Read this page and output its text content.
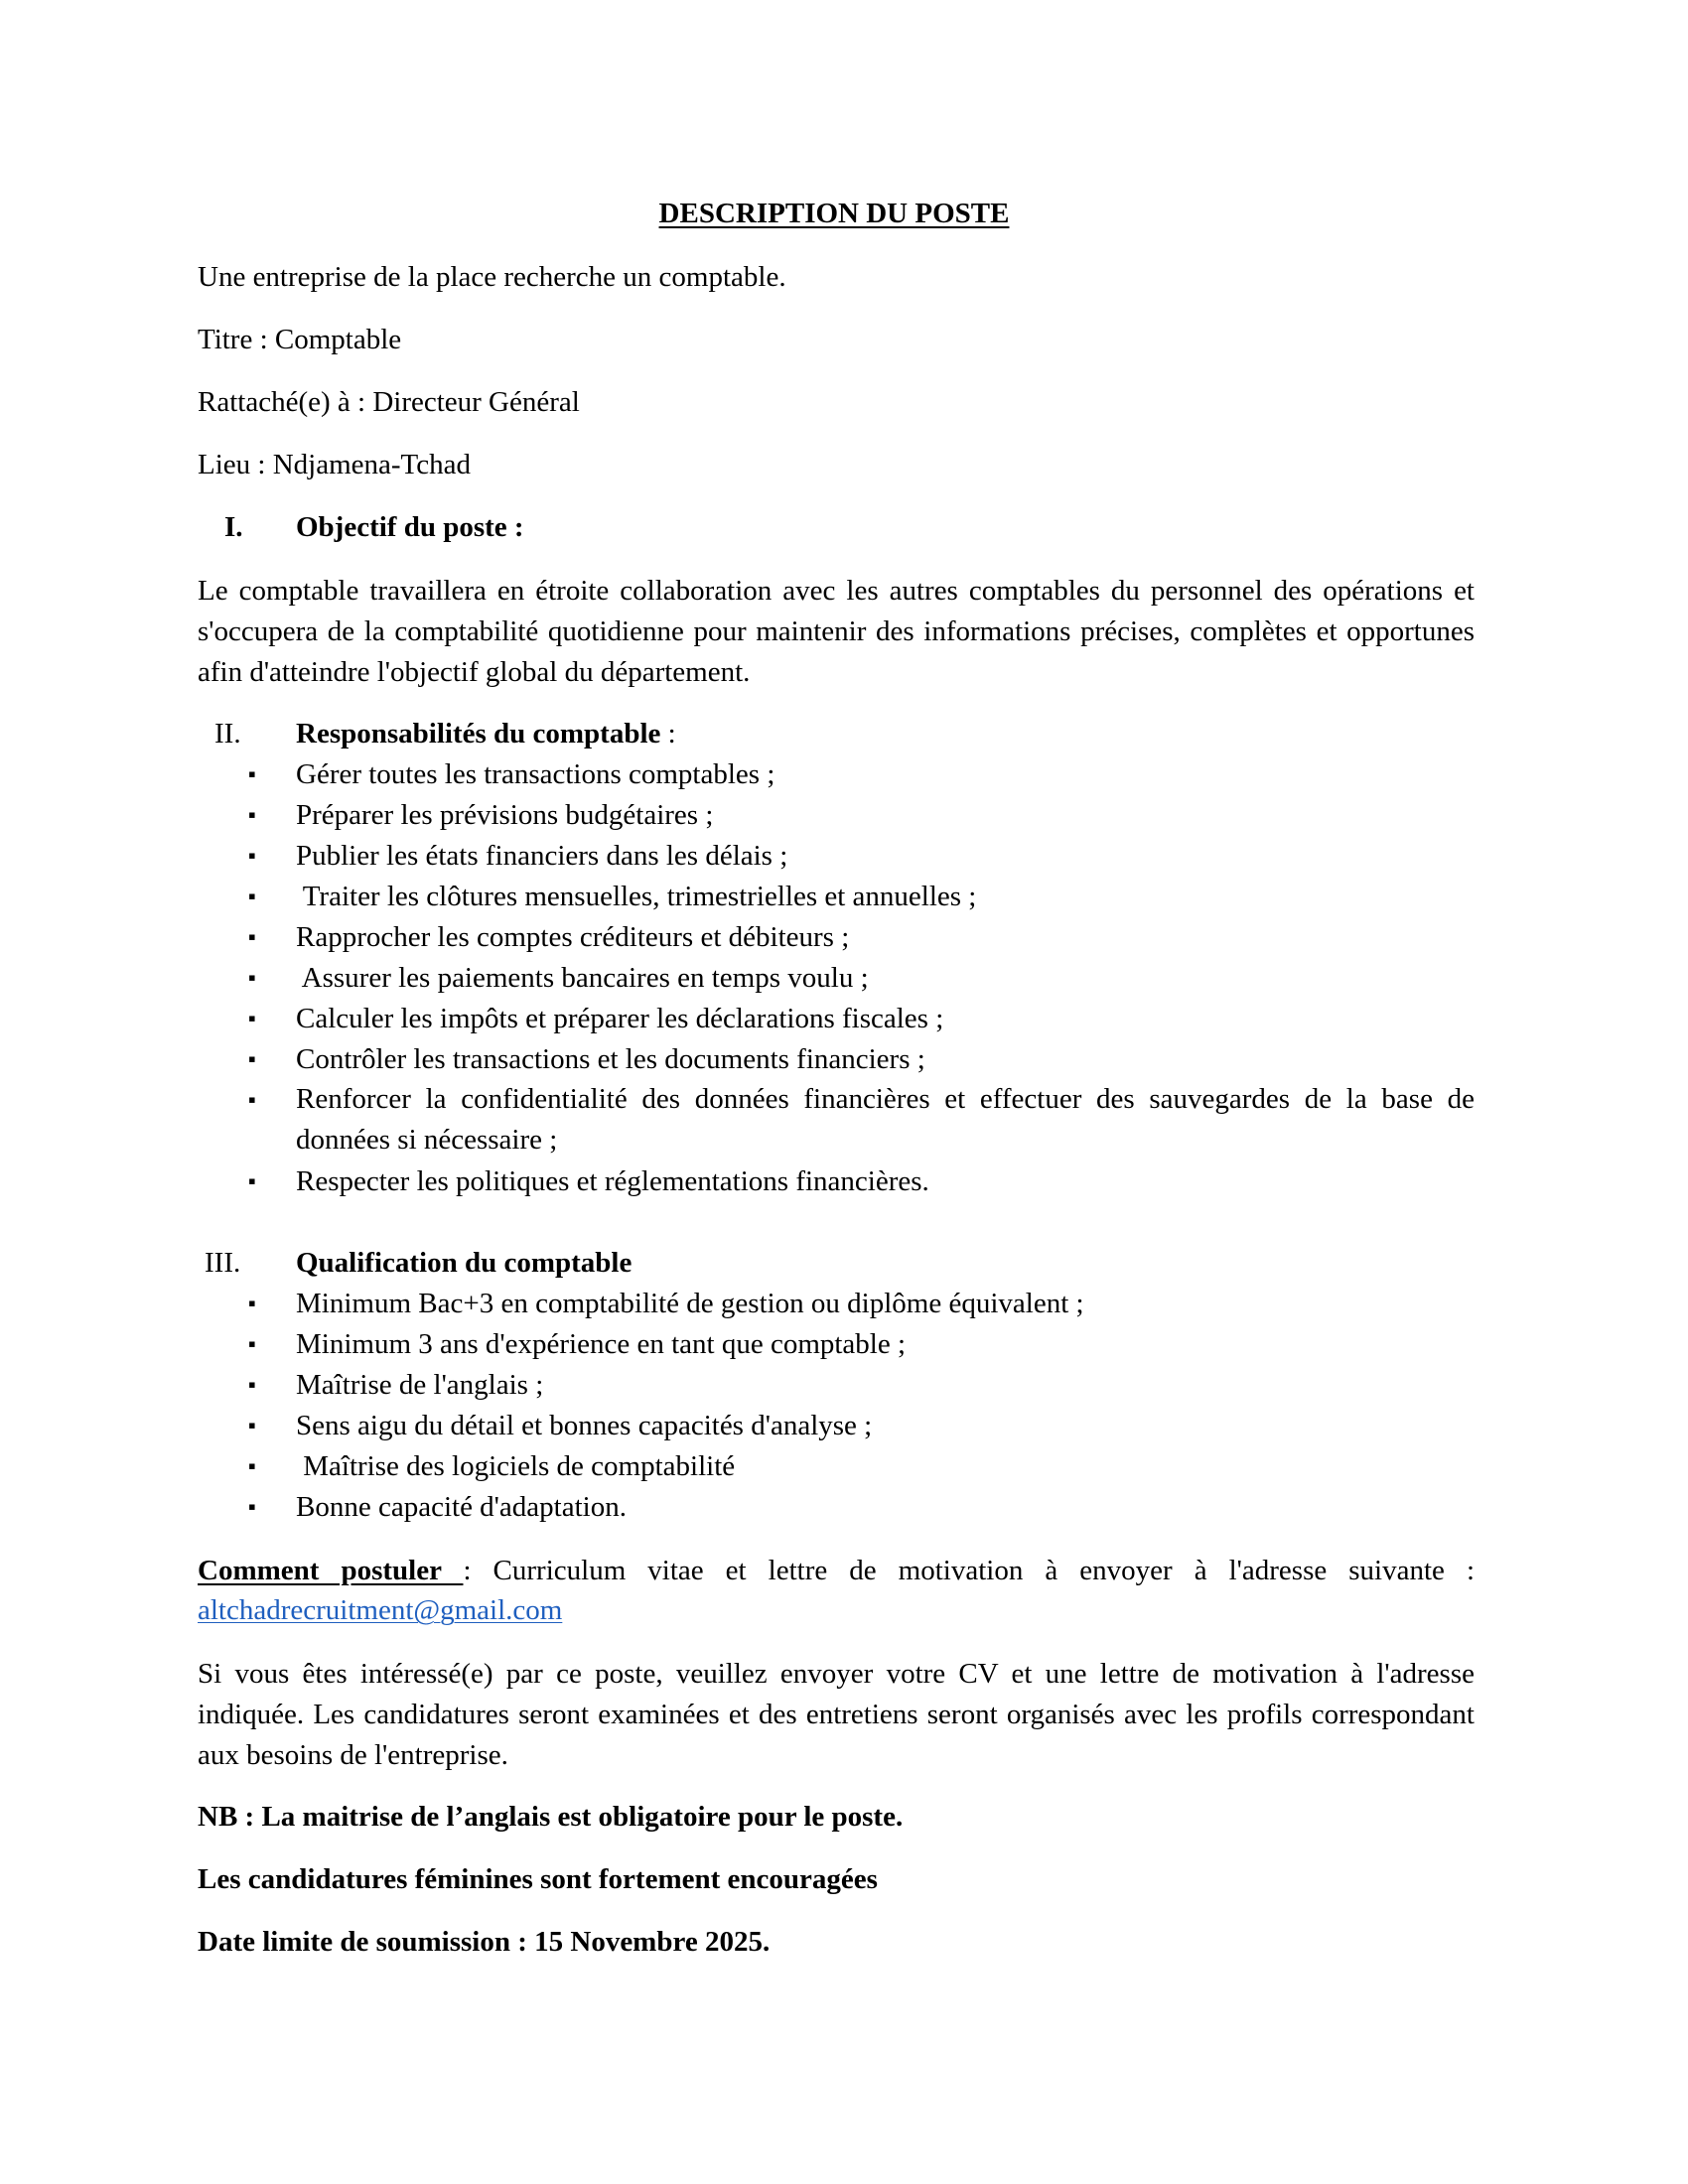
DESCRIPTION DU POSTE
Une entreprise de la place recherche un comptable.
Titre : Comptable
Rattaché(e) à : Directeur Général
Lieu : Ndjamena-Tchad
I. Objectif du poste :
Le comptable travaillera en étroite collaboration avec les autres comptables du personnel des opérations et s'occupera de la comptabilité quotidienne pour maintenir des informations précises, complètes et opportunes afin d'atteindre l'objectif global du département.
II. Responsabilités du comptable :
▪ Gérer toutes les transactions comptables ;
▪ Préparer les prévisions budgétaires ;
▪ Publier les états financiers dans les délais ;
▪ Traiter les clôtures mensuelles, trimestrielles et annuelles ;
▪ Rapprocher les comptes créditeurs et débiteurs ;
▪ Assurer les paiements bancaires en temps voulu ;
▪ Calculer les impôts et préparer les déclarations fiscales ;
▪ Contrôler les transactions et les documents financiers ;
▪ Renforcer la confidentialité des données financières et effectuer des sauvegardes de la base de données si nécessaire ;
▪ Respecter les politiques et réglementations financières.
III. Qualification du comptable
▪ Minimum Bac+3 en comptabilité de gestion ou diplôme équivalent ;
▪ Minimum 3 ans d'expérience en tant que comptable ;
▪ Maîtrise de l'anglais ;
▪ Sens aigu du détail et bonnes capacités d'analyse ;
▪ Maîtrise des logiciels de comptabilité
▪ Bonne capacité d'adaptation.
Comment postuler : Curriculum vitae et lettre de motivation à envoyer à l'adresse suivante :
altchadrecruitment@gmail.com
Si vous êtes intéressé(e) par ce poste, veuillez envoyer votre CV et une lettre de motivation à l'adresse indiquée. Les candidatures seront examinées et des entretiens seront organisés avec les profils correspondant aux besoins de l'entreprise.
NB : La maitrise de l’anglais est obligatoire pour le poste.
Les candidatures féminines sont fortement encouragées
Date limite de soumission : 15 Novembre 2025.
